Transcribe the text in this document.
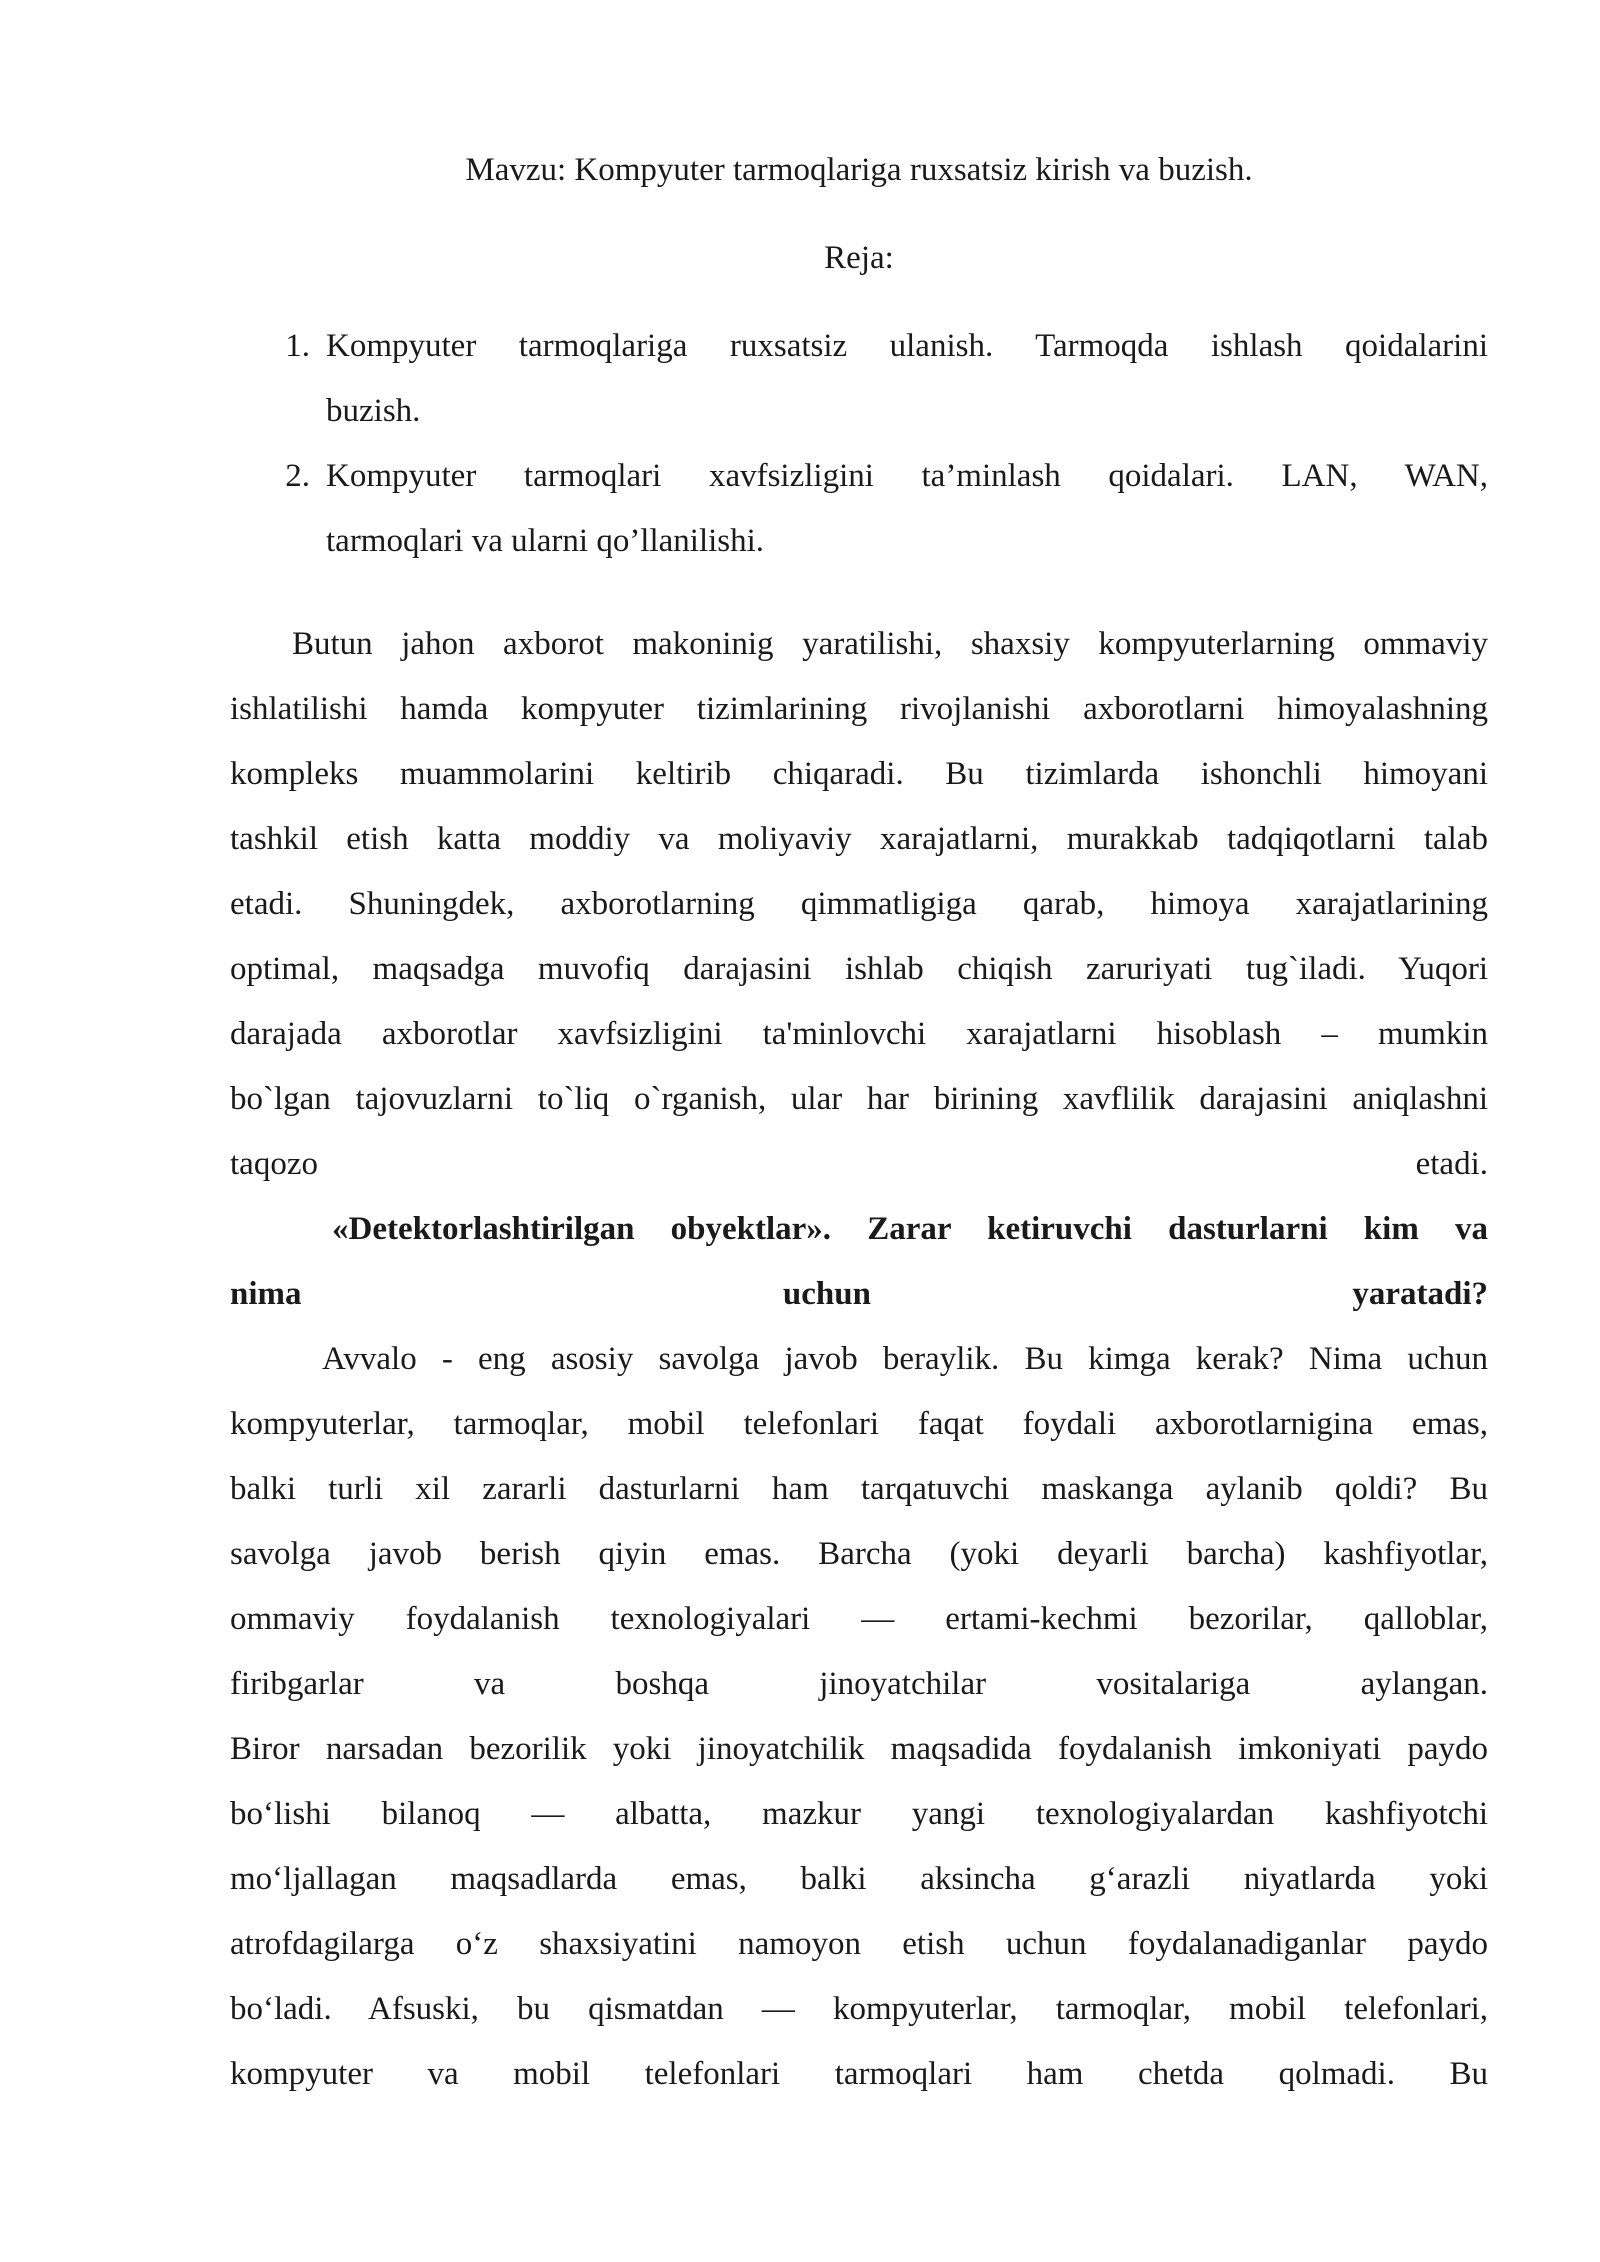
Mavzu: Kompyuter tarmoqlariga ruxsatsiz kirish va buzish.
Reja:
1. Kompyuter tarmoqlariga ruxsatsiz ulanish. Tarmoqda ishlash qoidalarini
buzish.
2. Kompyuter tarmoqlari xavfsizligini ta’minlash qoidalari. LAN, WAN,
tarmoqlari va ularni qo’llanilishi.
Butun jahon axborot makoninig yaratilishi, shaxsiy kompyuterlarning ommaviy
ishlatilishi hamda kompyuter tizimlarining rivojlanishi axborotlarni himoyalashning
kompleks muammolarini keltirib chiqaradi. Bu tizimlarda ishonchli himoyani
tashkil etish katta moddiy va moliyaviy xarajatlarni, murakkab tadqiqotlarni talab
etadi. Shuningdek, axborotlarning qimmatligiga qarab, himoya xarajatlarining
optimal, maqsadga muvofiq darajasini ishlab chiqish zaruriyati tug`iladi. Yuqori
darajada axborotlar xavfsizligini ta'minlovchi xarajatlarni hisoblash – mumkin
bo`lgan tajovuzlarni to`liq o`rganish, ular har birining xavflilik darajasini aniqlashni
taqozo etadi.
«Detektorlashtirilgan obyektlar». Zarar ketiruvchi dasturlarni kim va
nima uchun yaratadi?
Avvalo - eng asosiy savolga javob beraylik. Bu kimga kerak? Nima uchun
kompyuterlar, tarmoqlar, mobil telefonlari faqat foydali axborotlarnigina emas,
balki turli xil zararli dasturlarni ham tarqatuvchi maskanga aylanib qoldi? Bu
savolga javob berish qiyin emas. Barcha (yoki deyarli barcha) kashfiyotlar,
ommaviy foydalanish texnologiyalari — ertami-kechmi bezorilar, qalloblar,
firibgarlar va boshqa jinoyatchilar vositalariga aylangan.
Biror narsadan bezorilik yoki jinoyatchilik maqsadida foydalanish imkoniyati paydo
bo‘lishi bilanoq — albatta, mazkur yangi texnologiyalardan kashfiyotchi
mo‘ljallagan maqsadlarda emas, balki aksincha g‘arazli niyatlarda yoki
atrofdagilarga o‘z shaxsiyatini namoyon etish uchun foydalanadiganlar paydo
bo‘ladi. Afsuski, bu qismatdan — kompyuterlar, tarmoqlar, mobil telefonlari,
kompyuter va mobil telefonlari tarmoqlari ham chetda qolmadi. Bu
